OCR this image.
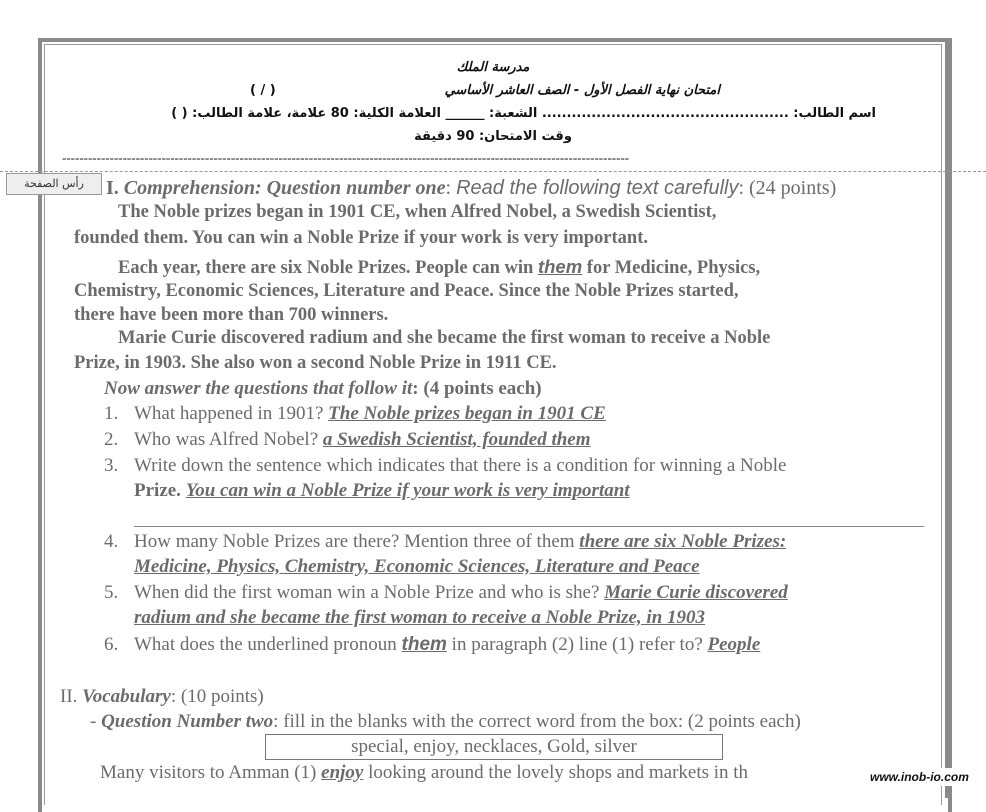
مدرسة الملك
امتحان نهاية الفصل الأول - الصف العاشر الأساسي
( / )
اسم الطالب: .................................................. الشعبة: ______ العلامة الكلية: 80 علامة، علامة الطالب: ( )
وقت الامتحان: 90 دقيقة
-----------------------------------------------------------------------------------------------------------------------------------
رأس الصفحة	I. Comprehension: Question number one: Read the following text carefully: (24 points)
The Noble prizes began in 1901 CE, when Alfred Nobel, a Swedish Scientist,
founded them. You can win a Noble Prize if your work is very important.
Each year, there are six Noble Prizes. People can win them for Medicine, Physics,
Chemistry, Economic Sciences, Literature and Peace. Since the Noble Prizes started,
there have been more than 700 winners.
Marie Curie discovered radium and she became the first woman to receive a Noble
Prize, in 1903. She also won a second Noble Prize in 1911 CE.
Now answer the questions that follow it: (4 points each)
1. What happened in 1901? The Noble prizes began in 1901 CE
2. Who was Alfred Nobel? a Swedish Scientist, founded them
3. Write down the sentence which indicates that there is a condition for winning a Noble
Prize. You can win a Noble Prize if your work is very important
4. How many Noble Prizes are there? Mention three of them there are six Noble Prizes:
Medicine, Physics, Chemistry, Economic Sciences, Literature and Peace
5. When did the first woman win a Noble Prize and who is she? Marie Curie discovered
radium and she became the first woman to receive a Noble Prize, in 1903
6. What does the underlined pronoun them in paragraph (2) line (1) refer to? People
II. Vocabulary: (10 points)
- Question Number two: fill in the blanks with the correct word from the box: (2 points each)
special, enjoy, necklaces, Gold, silver
Many visitors to Amman (1) enjoy looking around the lovely shops and markets in th	www.inob-io.com
